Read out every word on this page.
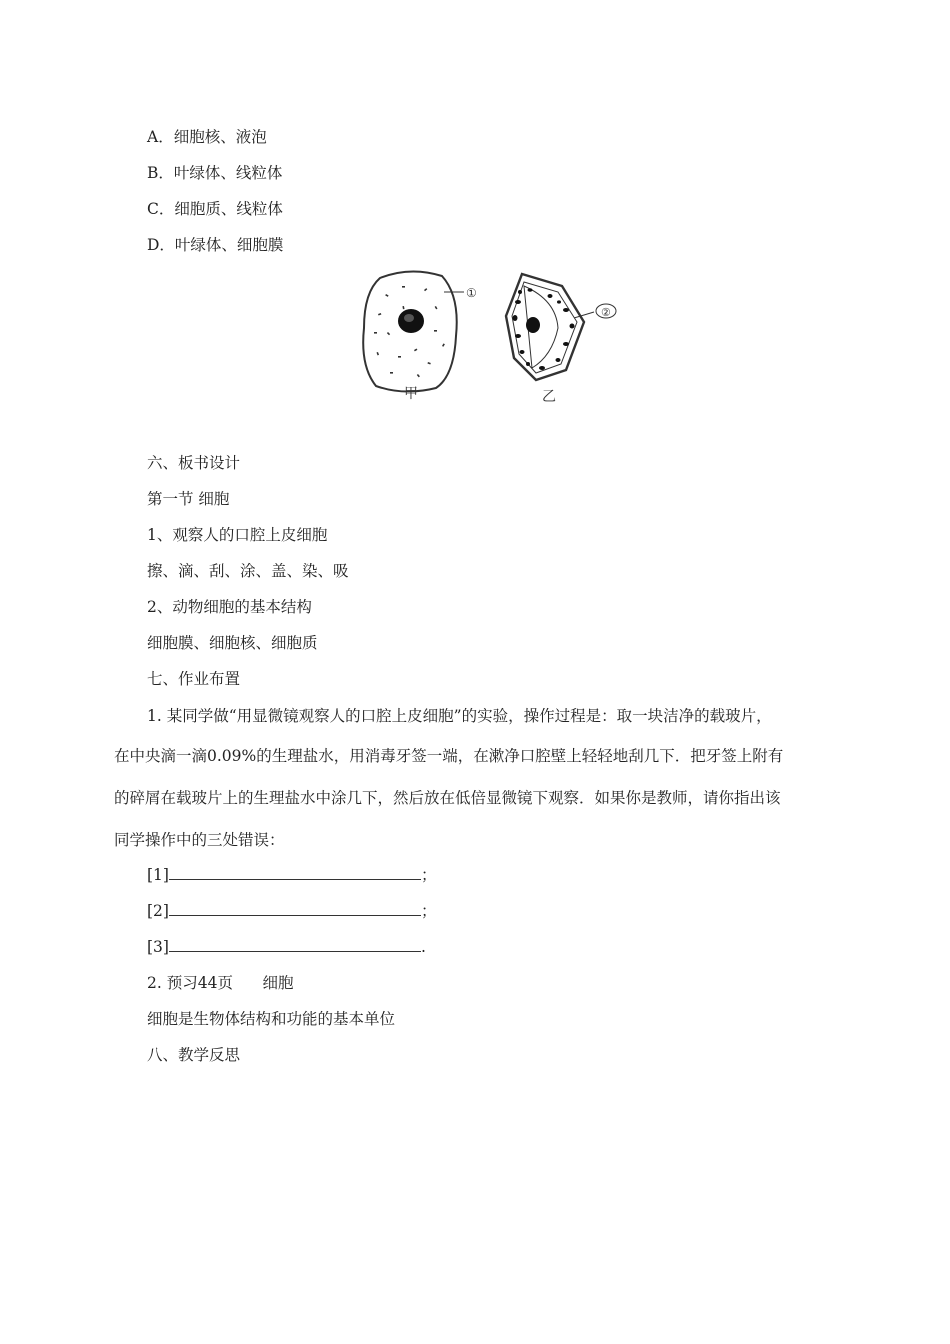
A．细胞核、液泡
B．叶绿体、线粒体
C．细胞质、线粒体
D．叶绿体、细胞膜
①
甲
②
乙
六、板书设计
第一节 细胞
1、观察人的口腔上皮细胞
擦、滴、刮、涂、盖、染、吸
2、动物细胞的基本结构
细胞膜、细胞核、细胞质
七、作业布置
1. 某同学做“用显微镜观察人的口腔上皮细胞”的实验，操作过程是：取一块洁净的载玻片，
在中央滴一滴0.09%的生理盐水，用消毒牙签一端，在漱净口腔壁上轻轻地刮几下．把牙签上附有
的碎屑在载玻片上的生理盐水中涂几下，然后放在低倍显微镜下观察．如果你是教师，请你指出该
同学操作中的三处错误：
[1]	；
[2]	；
[3]	.
2. 预习44页      细胞
细胞是生物体结构和功能的基本单位
八、教学反思
